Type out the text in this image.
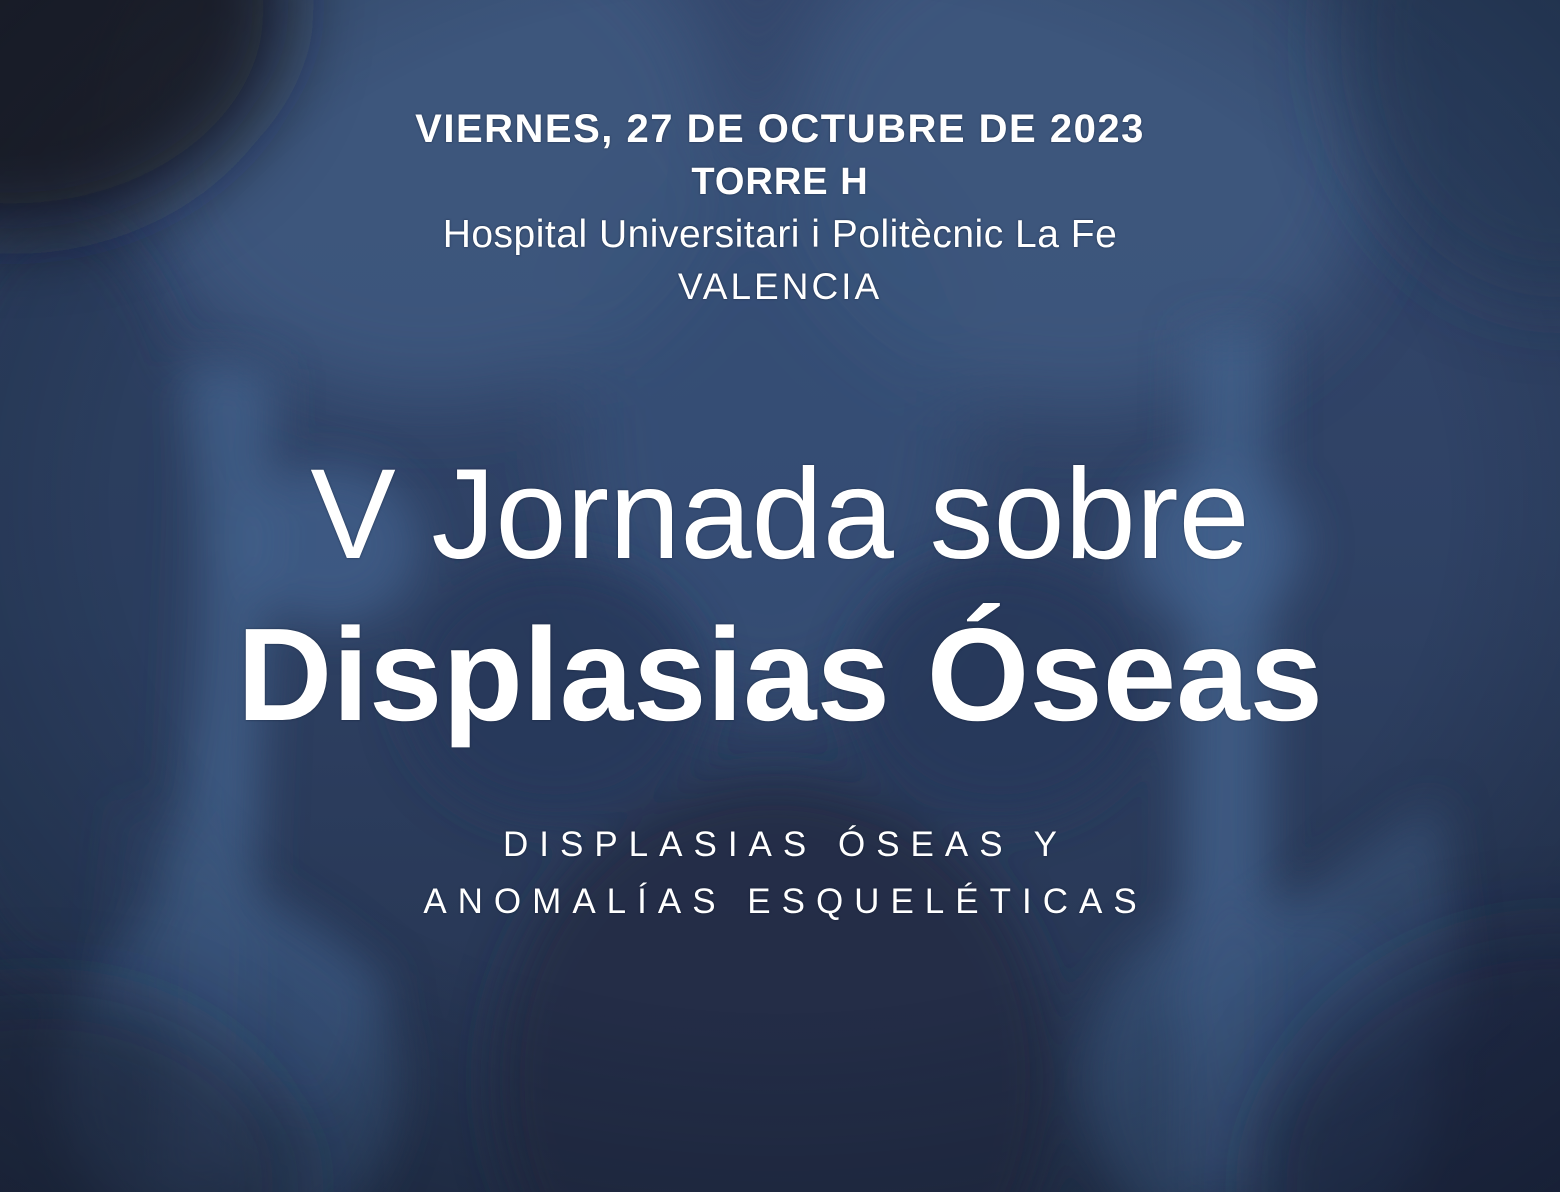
VIERNES, 27 DE OCTUBRE DE 2023
TORRE H
Hospital Universitari i Politècnic La Fe
VALENCIA
V Jornada sobre
Displasias Óseas
DISPLASIAS ÓSEAS Y
ANOMALÍAS ESQUELÉTICAS
